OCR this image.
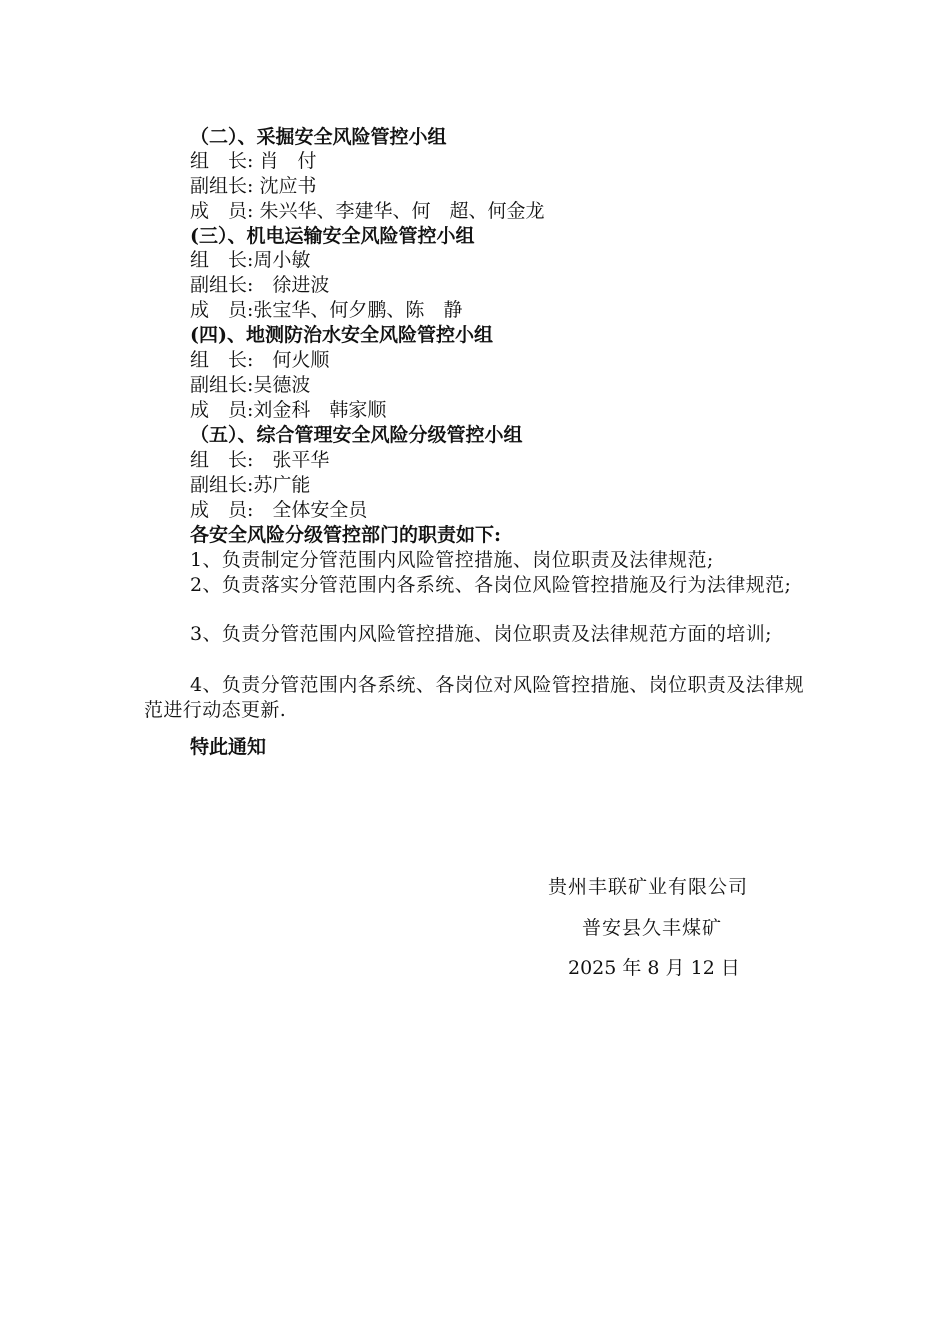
（二）、采掘安全风险管控小组
组　长: 肖　付
副组长: 沈应书
成　员: 朱兴华、李建华、何　超、何金龙
(三）、机电运输安全风险管控小组
组　长:周小敏
副组长:　徐进波
成　员:张宝华、何夕鹏、陈　静
(四)、地测防治水安全风险管控小组
组　长:　何火顺
副组长:吴德波
成　员:刘金科　韩家顺
（五）、综合管理安全风险分级管控小组
组　长:　张平华
副组长:苏广能
成　员:　全体安全员
各安全风险分级管控部门的职责如下:

1、负责制定分管范围内风险管控措施、岗位职责及法律规范;

2、负责落实分管范围内各系统、各岗位风险管控措施及行为法律规范;

3、负责分管范围内风险管控措施、岗位职责及法律规范方面的培训;

4、负责分管范围内各系统、各岗位对风险管控措施、岗位职责及法律规范进行动态更新.

特此通知
贵州丰联矿业有限公司
普安县久丰煤矿
2025 年 8 月 12 日
